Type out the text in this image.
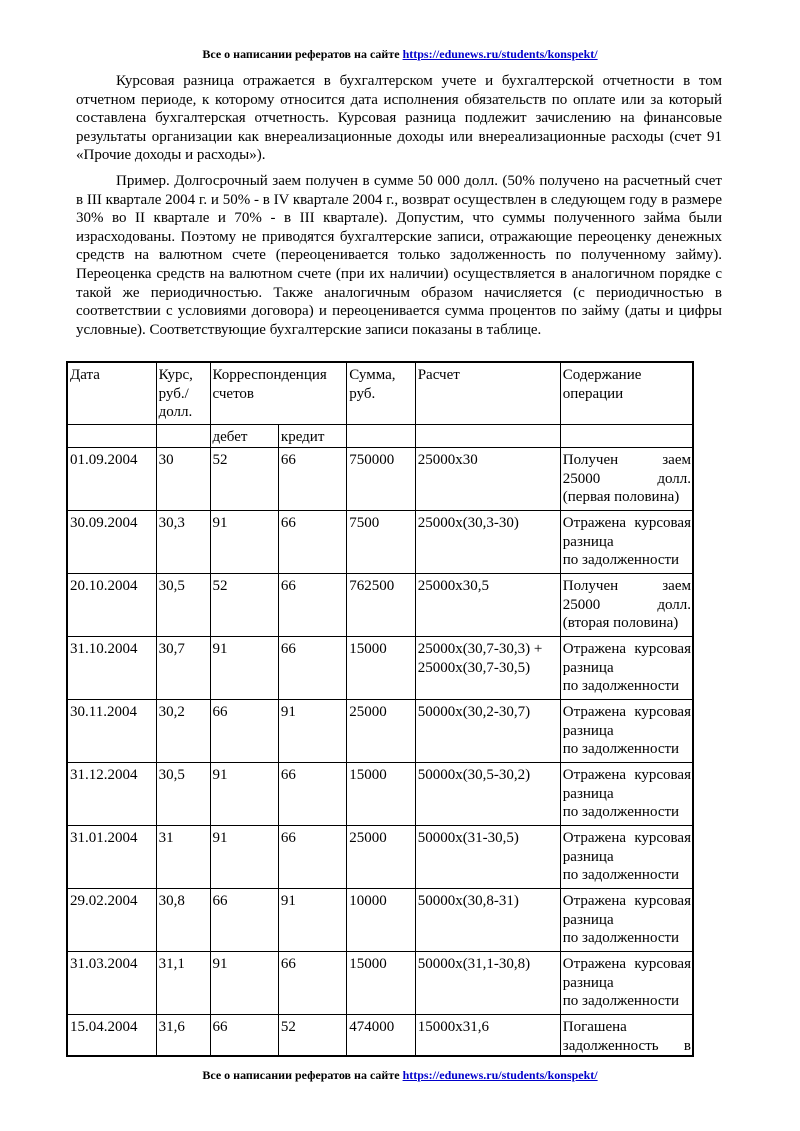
Все о написании рефератов на сайте https://edunews.ru/students/konspekt/

Курсовая разница отражается в бухгалтерском учете и бухгалтерской отчетности в том отчетном периоде, к которому относится дата исполнения обязательств по оплате или за который составлена бухгалтерская отчетность. Курсовая разница подлежит зачислению на финансовые результаты организации как внереализационные доходы или внереализационные расходы (счет 91 «Прочие доходы и расходы»).

Пример. Долгосрочный заем получен в сумме 50 000 долл. (50% получено на расчетный счет в III квартале 2004 г. и 50% - в IV квартале 2004 г., возврат осуществлен в следующем году в размере 30% во II квартале и 70% - в III квартале). Допустим, что суммы полученного займа были израсходованы. Поэтому не приводятся бухгалтерские записи, отражающие переоценку денежных средств на валютном счете (переоценивается только задолженность по полученному займу). Переоценка средств на валютном счете (при их наличии) осуществляется в аналогичном порядке с такой же периодичностью. Также аналогичным образом начисляется (с периодичностью в соответствии с условиями договора) и переоценивается сумма процентов по займу (даты и цифры условные). Соответствующие бухгалтерские записи показаны в таблице.

Дата	Курс, руб./ долл.	Корреспонденция счетов		Сумма, руб.	Расчет	Содержание операции
		дебет	кредит			
01.09.2004	30	52	66	750000	25000x30	Получен заем 25000 долл.
(первая половина)

30.09.2004	30,3	91	66	7500	25000x(30,3-30)	Отражена курсовая разница
по задолженности

20.10.2004	30,5	52	66	762500	25000x30,5	Получен заем 25000 долл.
(вторая половина)

31.10.2004	30,7	91	66	15000	25000x(30,7-30,3) + 25000x(30,7-30,5)	Отражена курсовая разница
по задолженности

30.11.2004	30,2	66	91	25000	50000x(30,2-30,7)	Отражена курсовая разница
по задолженности

31.12.2004	30,5	91	66	15000	50000x(30,5-30,2)	Отражена курсовая разница
по задолженности

31.01.2004	31	91	66	25000	50000x(31-30,5)	Отражена курсовая разница
по задолженности

29.02.2004	30,8	66	91	10000	50000x(30,8-31)	Отражена курсовая разница
по задолженности

31.03.2004	31,1	91	66	15000	50000x(31,1-30,8)	Отражена курсовая разница
по задолженности

15.04.2004	31,6	66	52	474000	15000x31,6	Погашена задолженность в
Все о написании рефератов на сайте https://edunews.ru/students/konspekt/
